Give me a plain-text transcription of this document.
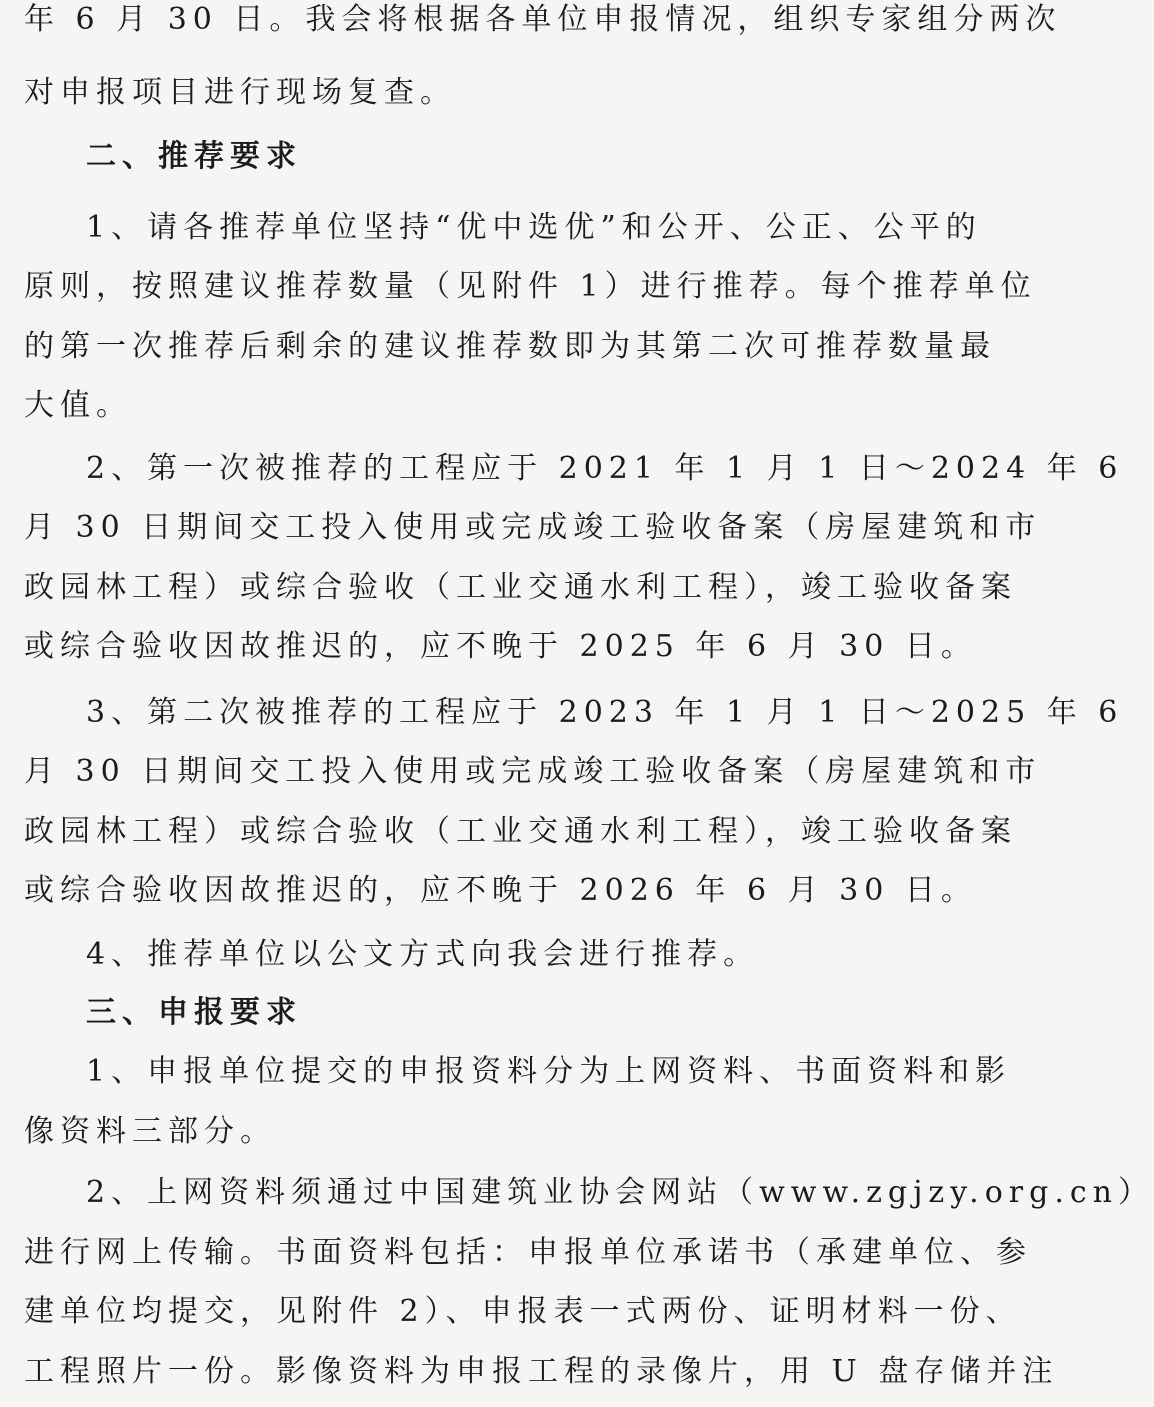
年 6 月 30 日。我会将根据各单位申报情况，组织专家组分两次
对申报项目进行现场复查。
二、推荐要求
1、请各推荐单位坚持“优中选优”和公开、公正、公平的
原则，按照建议推荐数量（见附件 1）进行推荐。每个推荐单位
的第一次推荐后剩余的建议推荐数即为其第二次可推荐数量最
大值。
2、第一次被推荐的工程应于 2021 年 1 月 1 日～2024 年 6
月 30 日期间交工投入使用或完成竣工验收备案（房屋建筑和市
政园林工程）或综合验收（工业交通水利工程），竣工验收备案
或综合验收因故推迟的，应不晚于 2025 年 6 月 30 日。
3、第二次被推荐的工程应于 2023 年 1 月 1 日～2025 年 6
月 30 日期间交工投入使用或完成竣工验收备案（房屋建筑和市
政园林工程）或综合验收（工业交通水利工程），竣工验收备案
或综合验收因故推迟的，应不晚于 2026 年 6 月 30 日。
4、推荐单位以公文方式向我会进行推荐。
三、申报要求
1、申报单位提交的申报资料分为上网资料、书面资料和影
像资料三部分。
2、上网资料须通过中国建筑业协会网站（www.zgjzy.org.cn）
进行网上传输。书面资料包括：申报单位承诺书（承建单位、参
建单位均提交，见附件 2）、申报表一式两份、证明材料一份、
工程照片一份。影像资料为申报工程的录像片，用 U 盘存储并注
